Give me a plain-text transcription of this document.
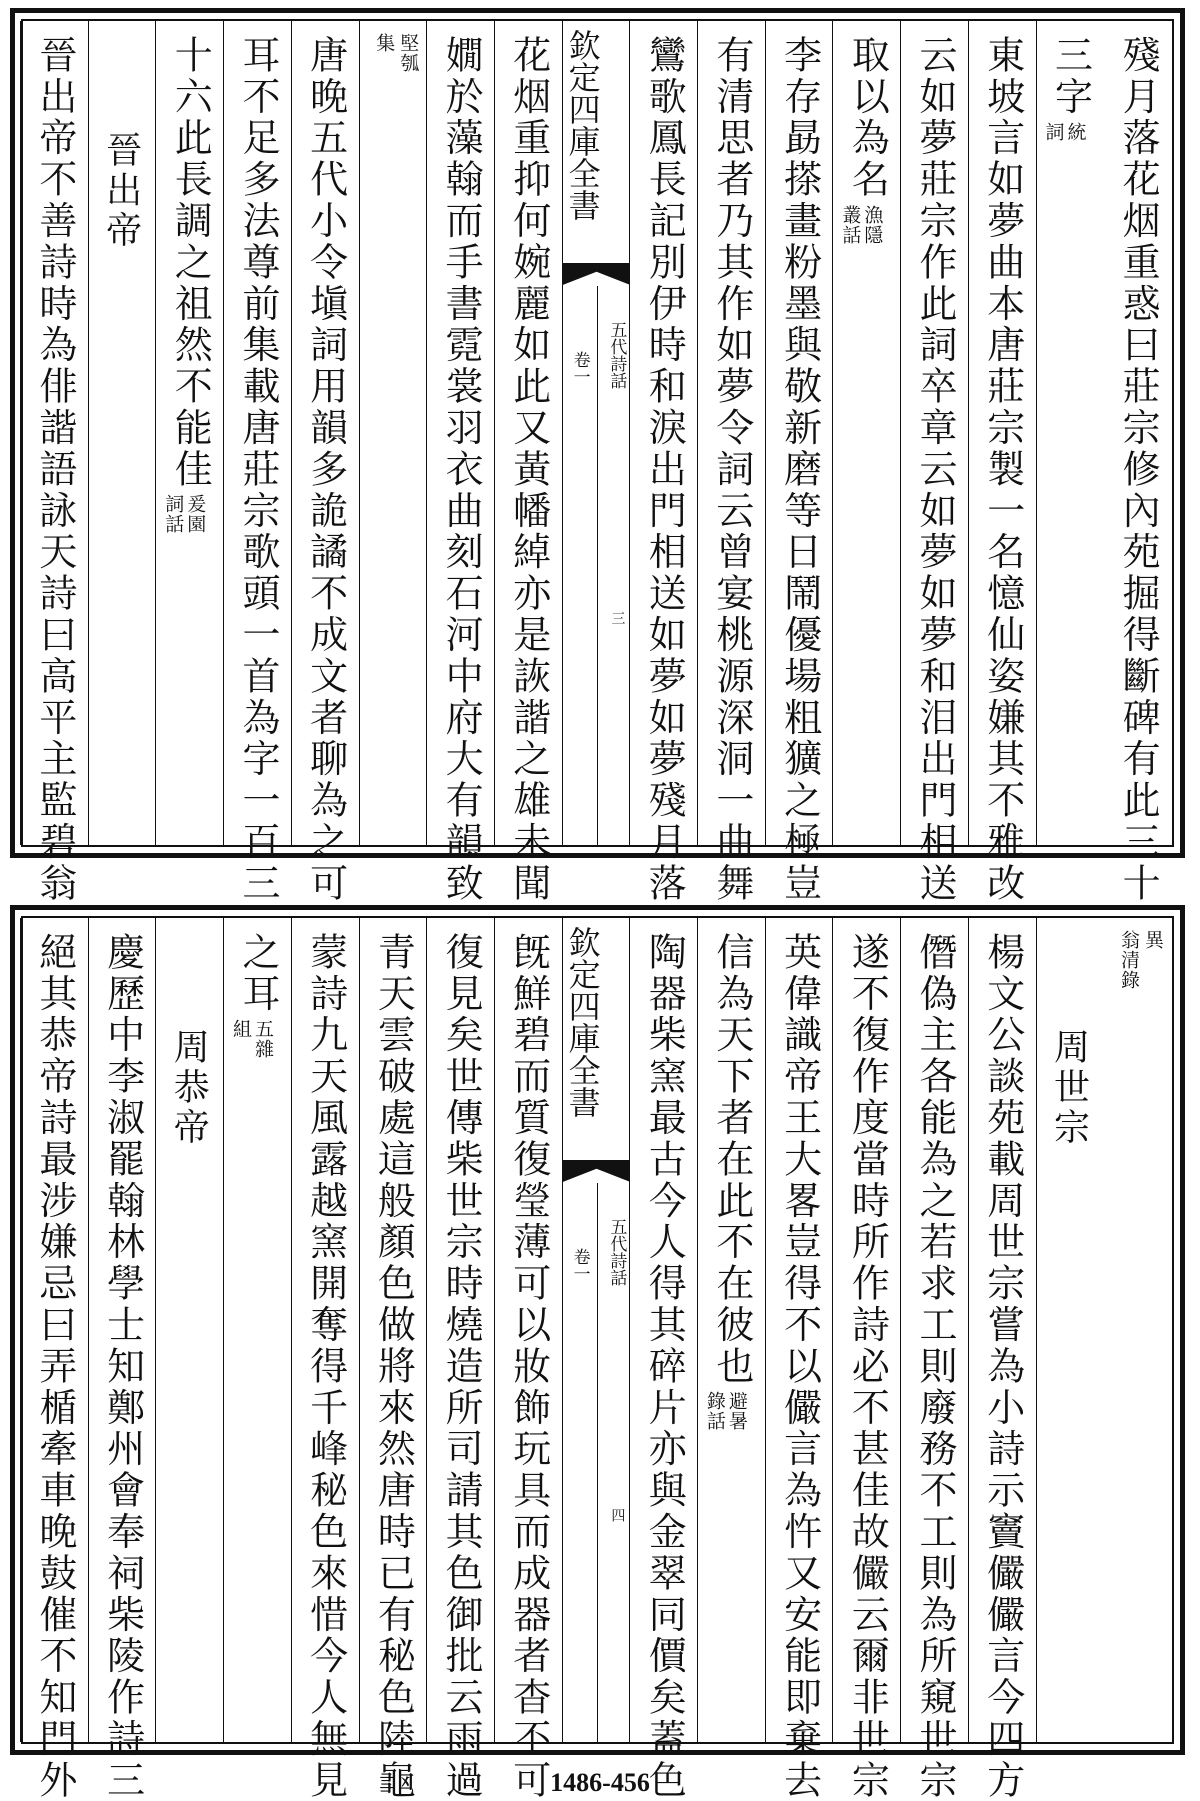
殘月落花烟重惑曰莊宗修內苑掘得斷碑有此三十
三字
統
詞
東坡言如夢曲本唐莊宗製一名憶仙姿嫌其不雅改
云如夢莊宗作此詞卒章云如夢如夢和泪出門相送
取以為名
漁隱
叢話
李存勗搽畫粉墨與敬新磨等日鬧優場粗獷之極豈
有清思者乃其作如夢令詞云曾宴桃源深洞一曲舞
鸞歌鳳長記別伊時和淚出門相送如夢如夢殘月落
欽定四庫全書
五代詩話
卷一
三
花烟重抑何婉麗如此又黃幡綽亦是詼諧之雄未聞
嫺於藻翰而手書霓裳羽衣曲刻石河中府大有韻致
堅瓠
集
唐晚五代小令塡詞用韻多詭譎不成文者聊為之可
耳不足多法尊前集載唐莊宗歌頭一首為字一百三
十六此長調之祖然不能佳
爰園
詞話
晉出帝
晉出帝不善詩時為俳諧語詠天詩曰高平主監碧翁
異
翁清錄
周世宗
楊文公談苑載周世宗嘗為小詩示竇儼儼言今四方
僭偽主各能為之若求工則廢務不工則為所窺世宗
遂不復作度當時所作詩必不甚佳故儼云爾非世宗
英偉識帝王大畧豈得不以儼言為忤又安能即棄去
信為天下者在此不在彼也
避暑
錄話
陶器柴窯最古今人得其碎片亦與金翠同價矣蓋色
欽定四庫全書
五代詩話
卷一
四
旣鮮碧而質復瑩薄可以妝飾玩具而成器者杳不可
復見矣世傳柴世宗時燒造所司請其色御批云雨過
青天雲破處這般顏色做將來然唐時已有秘色陸龜
蒙詩九天風露越窯開奪得千峰秘色來惜今人無見
之耳
五雜
組
周恭帝
慶歷中李淑罷翰林學士知鄭州會奉祠柴陵作詩三
絕其恭帝詩最涉嫌忌曰弄楯牽車晚鼓催不知門外	1486-456
